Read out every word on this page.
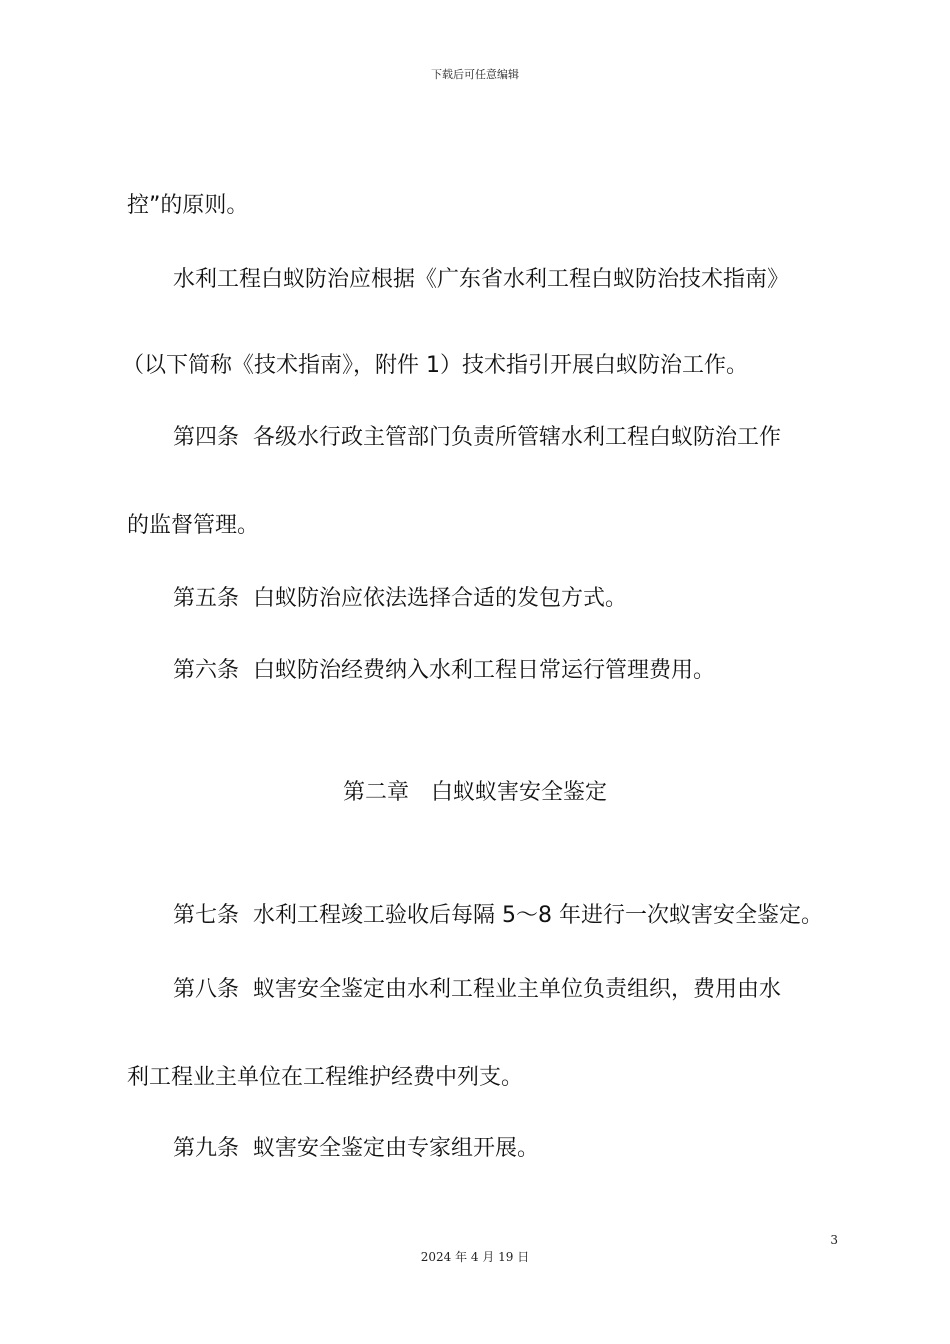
下载后可任意编辑
控”的原则。
水利工程白蚁防治应根据《广东省水利工程白蚁防治技术指南》
（以下简称《技术指南》，附件 1）技术指引开展白蚁防治工作。
第四条 各级水行政主管部门负责所管辖水利工程白蚁防治工作
的监督管理。
第五条 白蚁防治应依法选择合适的发包方式。
第六条 白蚁防治经费纳入水利工程日常运行管理费用。
第二章　白蚁蚁害安全鉴定
第七条 水利工程竣工验收后每隔 5～8 年进行一次蚁害安全鉴定。
第八条 蚁害安全鉴定由水利工程业主单位负责组织，费用由水
利工程业主单位在工程维护经费中列支。
第九条 蚁害安全鉴定由专家组开展。
3
2024 年 4 月 19 日
